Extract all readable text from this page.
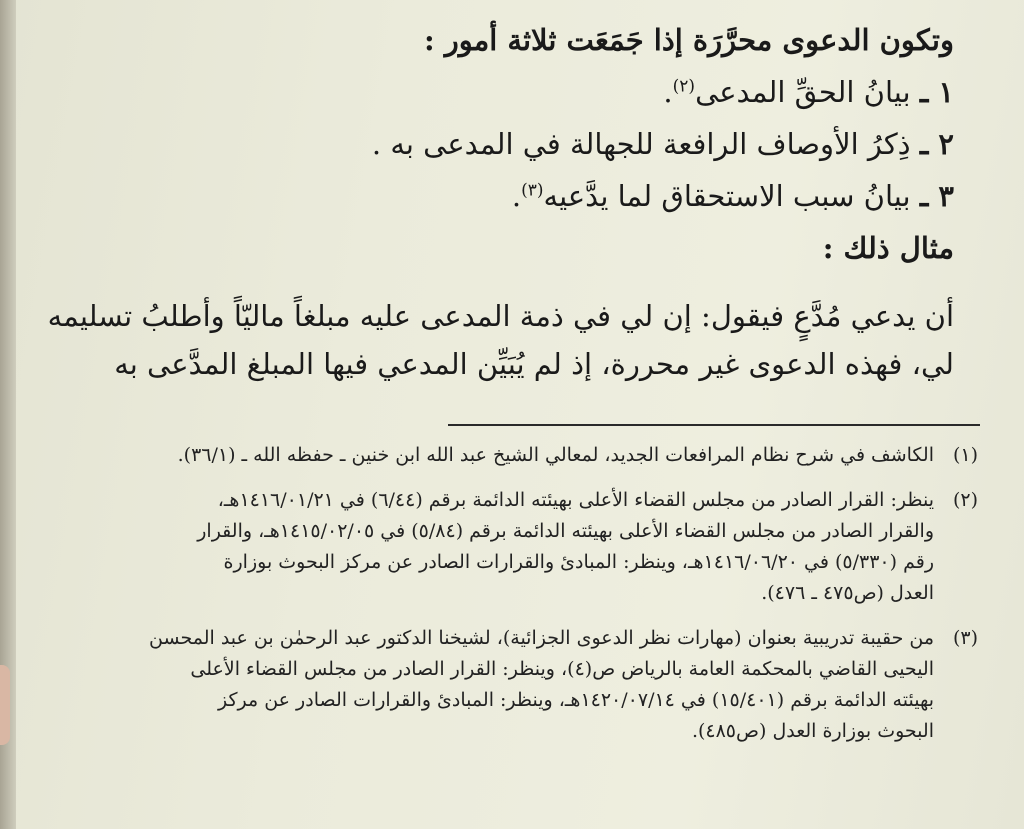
وتكون الدعوى محرَّرَة إذا جَمَعَت ثلاثة أمور :

١ ـ بيانُ الحقِّ المدعى$^{(٢)}$.

٢ ـ ذِكرُ الأوصاف الرافعة للجهالة في المدعى به .

٣ ـ بيانُ سبب الاستحقاق لما يدَّعيه$^{(٣)}$.

مثال ذلك :

أن يدعي مُدَّعٍ فيقول: إن لي في ذمة المدعى عليه مبلغاً ماليّاً وأطلبُ تسليمه

لي، فهذه الدعوى غير محررة، إذ لم يُبَيِّن المدعي فيها المبلغ المدَّعى به

(١)

الكاشف في شرح نظام المرافعات الجديد، لمعالي الشيخ عبد الله ابن خنين ـ حفظه الله ـ (٣٦/١).

(٢)

ينظر: القرار الصادر من مجلس القضاء الأعلى بهيئته الدائمة برقم (٦/٤٤) في ١٤١٦/٠١/٢١هـ،

والقرار الصادر من مجلس القضاء الأعلى بهيئته الدائمة برقم (٥/٨٤) في ١٤١٥/٠٢/٠٥هـ، والقرار

رقم (٥/٣٣٠) في ١٤١٦/٠٦/٢٠هـ، وينظر: المبادئ والقرارات الصادر عن مركز البحوث بوزارة

العدل (ص٤٧٥ ـ ٤٧٦).

(٣)

من حقيبة تدريبية بعنوان (مهارات نظر الدعوى الجزائية)، لشيخنا الدكتور عبد الرحمٰن بن عبد المحسن

اليحيى القاضي بالمحكمة العامة بالرياض ص(٤)، وينظر: القرار الصادر من مجلس القضاء الأعلى

بهيئته الدائمة برقم (١٥/٤٠١) في ١٤٢٠/٠٧/١٤هـ، وينظر: المبادئ والقرارات الصادر عن مركز

البحوث بوزارة العدل (ص٤٨٥).
